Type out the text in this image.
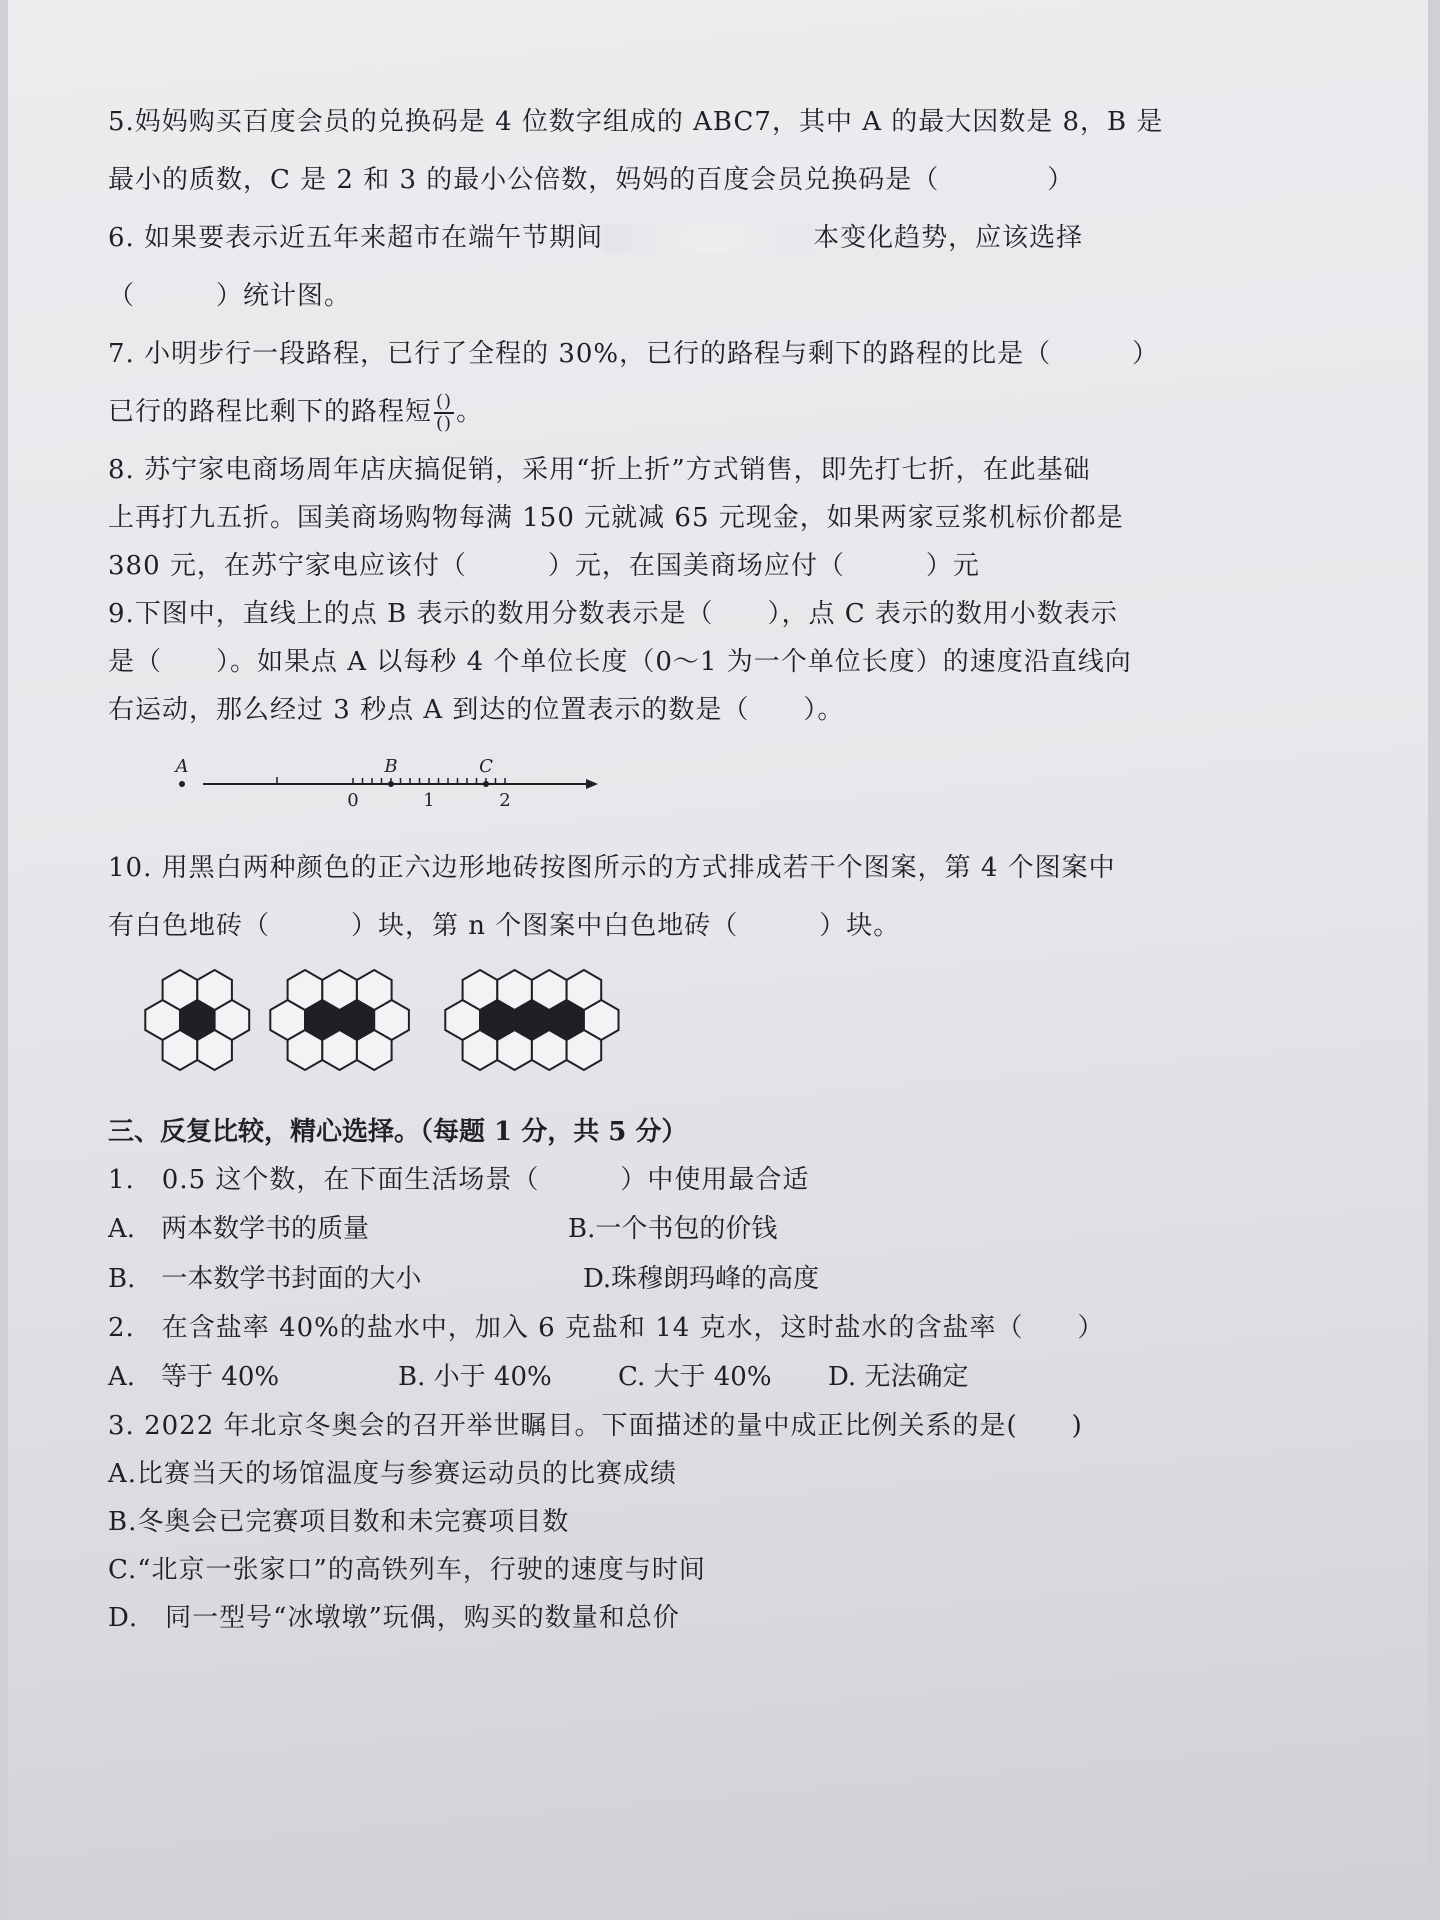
5.妈妈购买百度会员的兑换码是 4 位数字组成的 ABC7，其中 A 的最大因数是 8，B 是
最小的质数，C 是 2 和 3 的最小公倍数，妈妈的百度会员兑换码是（　　　　）
6. 如果要表示近五年来超市在端午节期间	本变化趋势，应该选择
（　　　）统计图。
7. 小明步行一段路程，已行了全程的 30%，已行的路程与剩下的路程的比是（　　　）
已行的路程比剩下的路程短 $\frac{()}{()}$ 。
8. 苏宁家电商场周年店庆搞促销，采用“折上折”方式销售，即先打七折，在此基础
上再打九五折。国美商场购物每满 150 元就减 65 元现金，如果两家豆浆机标价都是
380 元，在苏宁家电应该付（　　　）元，在国美商场应付（　　　）元
9.下图中，直线上的点 B 表示的数用分数表示是（　　），点 C 表示的数用小数表示
是（　　）。如果点 A 以每秒 4 个单位长度（0～1 为一个单位长度）的速度沿直线向
右运动，那么经过 3 秒点 A 到达的位置表示的数是（　　）。
0	1	2
A	B	C
10. 用黑白两种颜色的正六边形地砖按图所示的方式排成若干个图案，第 4 个图案中
有白色地砖（　　　）块，第 n 个图案中白色地砖（　　　）块。
三、反复比较，精心选择。（每题 1 分，共 5 分）
1.　0.5 这个数，在下面生活场景（　　　）中使用最合适
A.　两本数学书的质量	B.一个书包的价钱
B.　一本数学书封面的大小	D.珠穆朗玛峰的高度
2.　在含盐率 40%的盐水中，加入 6 克盐和 14 克水，这时盐水的含盐率（　　）
A.　等于 40%	B. 小于 40%	C. 大于 40%	D. 无法确定
3. 2022 年北京冬奥会的召开举世瞩目。下面描述的量中成正比例关系的是(　　)
A.比赛当天的场馆温度与参赛运动员的比赛成绩
B.冬奥会已完赛项目数和未完赛项目数
C.“北京一张家口”的高铁列车，行驶的速度与时间
D.　同一型号“冰墩墩”玩偶，购买的数量和总价
